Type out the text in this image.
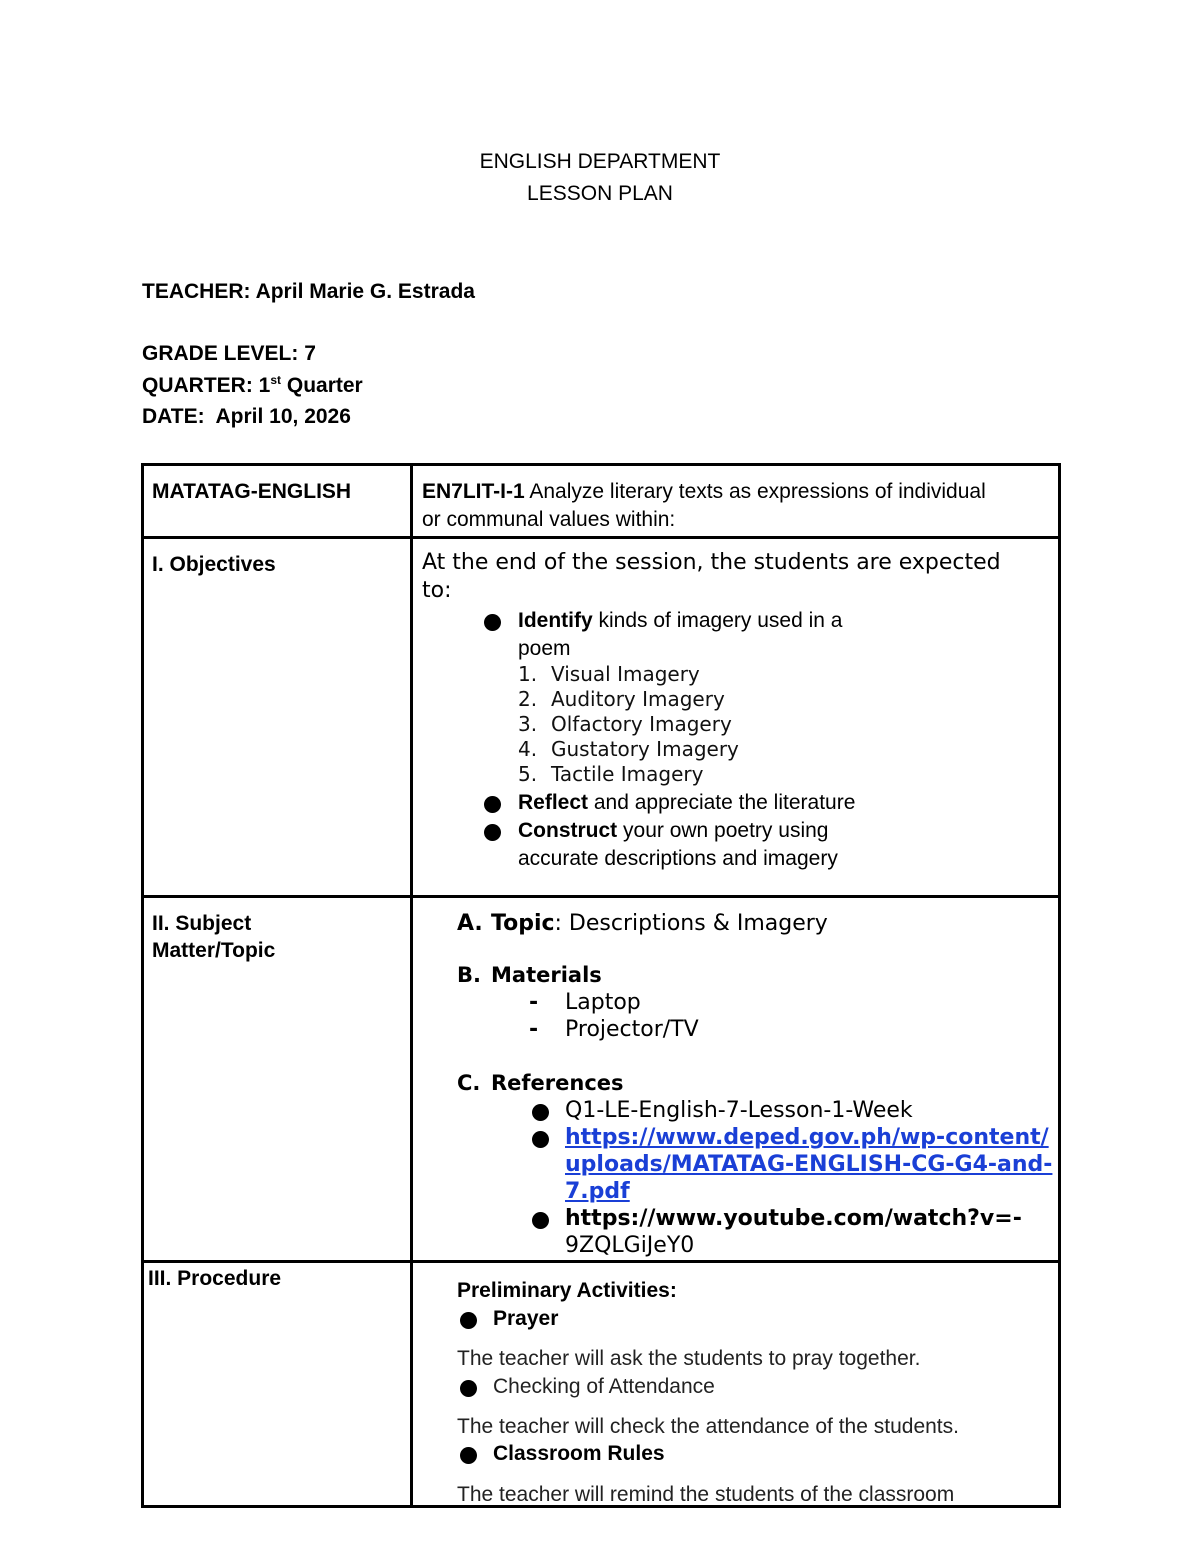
ENGLISH DEPARTMENT
LESSON PLAN
TEACHER: April Marie G. Estrada
GRADE LEVEL: 7
QUARTER: 1st Quarter
DATE: April 10, 2026
MATATAG-ENGLISH	EN7LIT-I-1 Analyze literary texts as expressions of individual
or communal values within:
I. Objectives	At the end of the session, the students are expected
to:
Identify kinds of imagery used in a
poem
1. Visual Imagery
2. Auditory Imagery
3. Olfactory Imagery
4. Gustatory Imagery
5. Tactile Imagery
Reflect and appreciate the literature
Construct your own poetry using
accurate descriptions and imagery
II. Subject
Matter/Topic
A. Topic: Descriptions & Imagery
B. Materials
- Laptop
- Projector/TV
C. References
Q1-LE-English-7-Lesson-1-Week
https://www.deped.gov.ph/wp-content/
uploads/MATATAG-ENGLISH-CG-G4-and-
7.pdf
https://www.youtube.com/watch?v=-
9ZQLGiJeY0
III. Procedure
Preliminary Activities:
Prayer
The teacher will ask the students to pray together.
Checking of Attendance
The teacher will check the attendance of the students.
Classroom Rules
The teacher will remind the students of the classroom
